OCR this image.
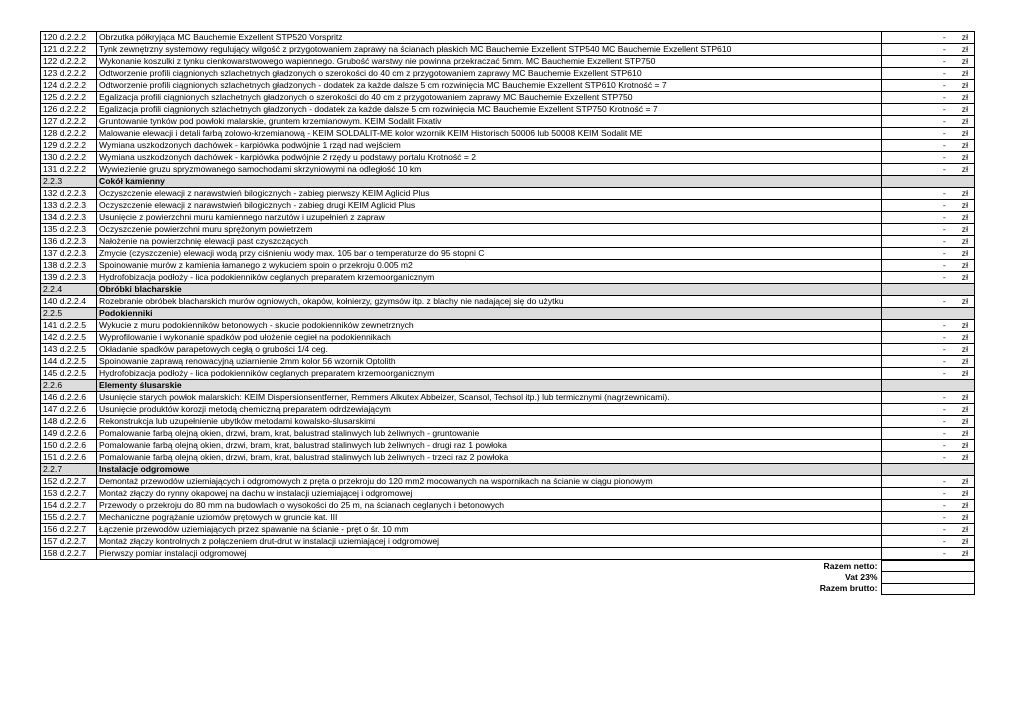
120 d.2.2.2	Obrzutka półkryjąca MC Bauchemie Exzellent STP520 Vorspritz	- zł
121 d.2.2.2	Tynk zewnętrzny systemowy regulujący wilgość z przygotowaniem zaprawy na ścianach płaskich MC Bauchemie Exzellent STP540 MC Bauchemie Exzellent STP610	- zł
122 d.2.2.2	Wykonanie koszulki z tynku cienkowarstwowego wapiennego. Grubość warstwy nie powinna przekraczać 5mm. MC Bauchemie Exzellent STP750	- zł
123 d.2.2.2	Odtworzenie profili ciągnionych szlachetnych gładzonych o szerokości do 40 cm z przygotowaniem zaprawy MC Bauchemie Exzellent STP610	- zł
124 d.2.2.2	Odtworzenie profili ciągnionych szlachetnych gładzonych - dodatek za każde dalsze 5 cm rozwinięcia MC Bauchemie Exzellent STP610 Krotność = 7	- zł
125 d.2.2.2	Egalizacja profili ciągnionych szlachetnych gładzonych o szerokości do 40 cm z przygotowaniem zaprawy MC Bauchemie Exzellent STP750	- zł
126 d.2.2.2	Egalizacja profili ciągnionych szlachetnych gładzonych - dodatek za każde dalsze 5 cm rozwinięcia MC Bauchemie Exzellent STP750 Krotność = 7	- zł
127 d.2.2.2	Gruntowanie tynków pod powłoki malarskie, gruntem krzemianowym. KEIM Sodalit Fixativ	- zł
128 d.2.2.2	Malowanie elewacji i detali farbą zolowo-krzemianową - KEIM SOLDALIT-ME kolor wzornik KEIM Historisch 50006 lub 50008 KEIM Sodalit ME	- zł
129 d.2.2.2	Wymiana uszkodzonych dachówek - karpiówka podwójnie 1 rząd nad wejściem	- zł
130 d.2.2.2	Wymiana uszkodzonych dachówek - karpiówka podwójnie 2 rzędy u podstawy portalu Krotność = 2	- zł
131 d.2.2.2	Wywiezienie gruzu spryzmowanego samochodami skrzyniowymi na odległość 10 km	- zł
2.2.3	Cokół kamienny	
132 d.2.2.3	Oczyszczenie elewacji z narawstwień bilogicznych - zabieg pierwszy KEIM Aglicid Plus	- zł
133 d.2.2.3	Oczyszczenie elewacji z narawstwień bilogicznych - zabieg drugi KEIM Aglicid Plus	- zł
134 d.2.2.3	Usunięcie z powierzchni muru kamiennego narzutów i uzupełnień z zapraw	- zł
135 d.2.2.3	Oczyszczenie powierzchni muru sprężonym powietrzem	- zł
136 d.2.2.3	Nałożenie na powierzchnię elewacji past czyszczących	- zł
137 d.2.2.3	Zmycie (czyszczenie) elewacji wodą przy ciśnieniu wody max. 105 bar o temperaturze do 95 stopni C	- zł
138 d.2.2.3	Spoinowanie murów z kamienia łamanego z wykuciem spoin o przekroju 0.005 m2	- zł
139 d.2.2.3	Hydrofobizacja podłoży - lica podokienników ceglanych preparatem krzemoorganicznym	- zł
2.2.4	Obróbki blacharskie	
140 d.2.2.4	Rozebranie obróbek blacharskich murów ogniowych, okapów, kołnierzy, gzymsów itp. z blachy nie nadającej się do użytku	- zł
2.2.5	Podokienniki	
141 d.2.2.5	Wykucie z muru podokienników betonowych - skucie podokienników zewnetrznych	- zł
142 d.2.2.5	Wyprofilowanie i wykonanie spadków pod ułożenie cegieł na podokiennikach	- zł
143 d.2.2.5	Okładanie spadków parapetowych cegłą o grubości 1/4 ceg.	- zł
144 d.2.2.5	Spoinowanie zaprawą renowacyjną uziarnienie 2mm kolor 56 wzornik Optolith	- zł
145 d.2.2.5	Hydrofobizacja podłoży - lica podokienników ceglanych preparatem krzemoorganicznym	- zł
2.2.6	Elementy ślusarskie	
146 d.2.2.6	Usunięcie starych powłok malarskich: KEIM Dispersionsentferner, Remmers Alkutex Abbeizer, Scansol, Techsol itp.) lub termicznymi (nagrzewnicami).	- zł
147 d.2.2.6	Usunięcie produktów korozji metodą chemiczną preparatem odrdzewiającym	- zł
148 d.2.2.6	Rekonstrukcja lub uzupełnienie ubytków metodami kowalsko-ślusarskimi	- zł
149 d.2.2.6	Pomalowanie farbą olejną okien, drzwi, bram, krat, balustrad stalinwych lub żeliwnych - gruntowanie	- zł
150 d.2.2.6	Pomalowanie farbą olejną okien, drzwi, bram, krat, balustrad stalinwych lub żeliwnych - drugi raz 1 powłoka	- zł
151 d.2.2.6	Pomalowanie farbą olejną okien, drzwi, bram, krat, balustrad stalinwych lub żeliwnych - trzeci raz 2 powłoka	- zł
2.2.7	Instalacje odgromowe	
152 d.2.2.7	Demontaż przewodów uziemiających i odgromowych z pręta o przekroju do 120 mm2 mocowanych na wspornikach na ścianie w ciągu pionowym	- zł
153 d.2.2.7	Montaż złączy do rynny okapowej na dachu w instalacji uziemiającej i odgromowej	- zł
154 d.2.2.7	Przewody o przekroju do 80 mm na budowlach o wysokości do 25 m, na ścianach ceglanych i betonowych	- zł
155 d.2.2.7	Mechaniczne pogrążanie uziomów prętowych w gruncie kat. III	- zł
156 d.2.2.7	Łączenie przewodów uziemiających przez spawanie na ścianie - pręt o śr. 10 mm	- zł
157 d.2.2.7	Montaż złączy kontrolnych z połączeniem drut-drut w instalacji uziemiającej i odgromowej	- zł
158 d.2.2.7	Pierwszy pomiar instalacji odgromowej	- zł
Razem netto:	
Vat 23%	
Razem brutto:	
